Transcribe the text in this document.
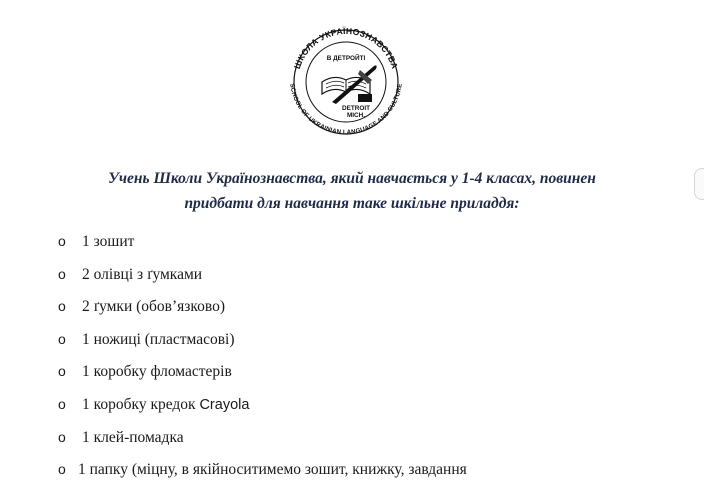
ШКОЛА УКРАЇНОЗНАВСТВА
SCHOOL OF UKRAINIAN LANGUAGE AND CULTURE
В ДЕТРОЙТІ
DETROIT
MICH.
Учень Школи Українознавства, який навчається у 1-4 класах, повинен
придбати для навчання таке шкільне приладдя:
o 1 зошит
o 2 олівці з ґумками
o 2 ґумки (обов’язково)
o 1 ножиці (пластмасові)
o 1 коробку фломастерів
o 1 коробку кредок Crayola
o 1 клей-помадка
o 1 папку (міцну, в якійноситимемо зошит, книжку, завдання
